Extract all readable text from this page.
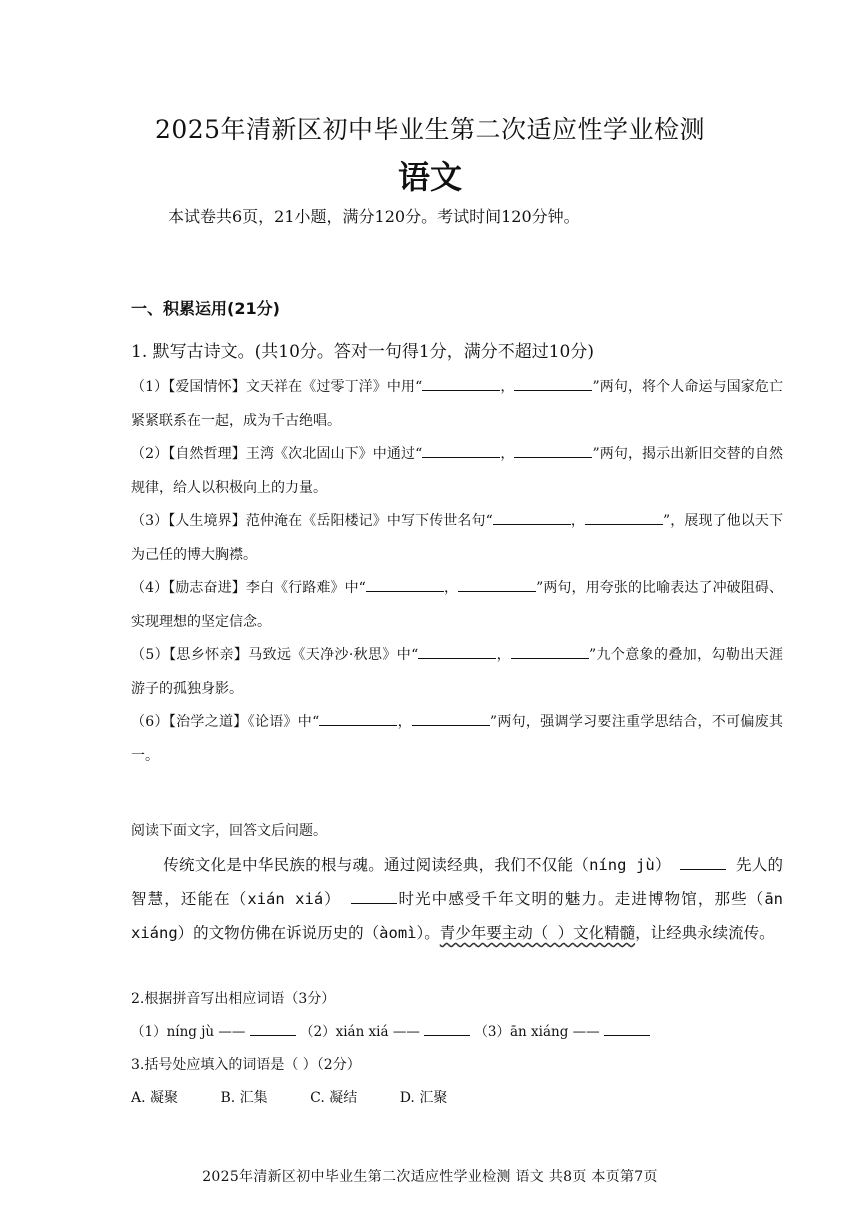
2025年清新区初中毕业生第二次适应性学业检测
语文
本试卷共6页，21小题，满分120分。考试时间120分钟。
一、积累运用(21分)
1. 默写古诗文。(共10分。答对一句得1分，满分不超过10分)
（1）【爱国情怀】文天祥在《过零丁洋》中用“	，	”两句，将个人命运与国家危亡紧紧联系在一起，成为千古绝唱。
（2）【自然哲理】王湾《次北固山下》中通过“	，	”两句，揭示出新旧交替的自然规律，给人以积极向上的力量。
（3）【人生境界】范仲淹在《岳阳楼记》中写下传世名句“	，	”，展现了他以天下为己任的博大胸襟。
（4）【励志奋进】李白《行路难》中“	，	”两句，用夸张的比喻表达了冲破阻碍、实现理想的坚定信念。
（5）【思乡怀亲】马致远《天净沙·秋思》中“	，	”九个意象的叠加，勾勒出天涯游子的孤独身影。
（6）【治学之道】《论语》中“	，	”两句，强调学习要注重学思结合，不可偏废其一。
阅读下面文字，回答文后问题。
传统文化是中华民族的根与魂。通过阅读经典，我们不仅能（níng jù）	先人的智慧，还能在（xián xiá）	时光中感受千年文明的魅力。走进博物馆，那些（ān xiáng）的文物仿佛在诉说历史的（àomì）。青少年要主动（ ）文化精髓，让经典永续流传。
2.根据拼音写出相应词语（3分）
（1）níng jù ——	（2）xián xiá ——	（3）ān xiáng ——
3.括号处应填入的词语是（ ）（2分）
A. 凝聚	B. 汇集	C. 凝结	D. 汇聚
2025年清新区初中毕业生第二次适应性学业检测 语文 共8页 本页第7页
